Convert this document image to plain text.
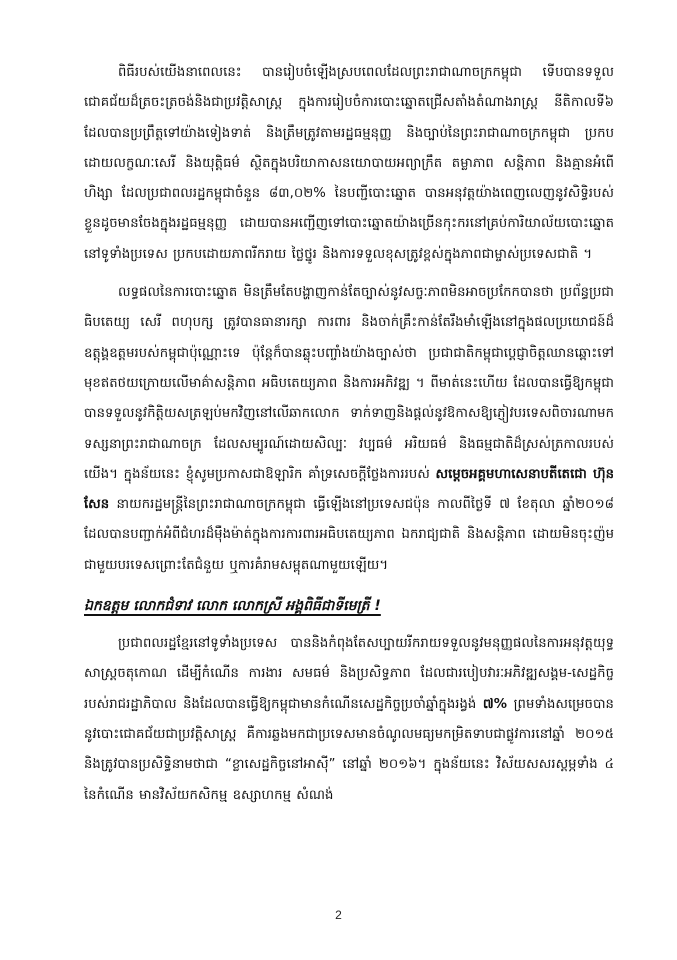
ពិធីរបស់យើងនាពេលនេះ បានរៀបចំឡើងស្របពេលដែលព្រះរាជាណាចក្រកម្ពុជា ទើបបានទទួលជោគជ័យដ៏ត្រចះត្រចង់និងជាប្រវត្តិសាស្ត្រ ក្នុងការរៀបចំការបោះឆ្នោតជ្រើសតាំងតំណាងរាស្ត្រ នីតិកាលទី៦ ដែលបានប្រព្រឹត្តទៅយ៉ាងទៀងទាត់ និងត្រឹមត្រូវតាមរដ្ឋធម្មនុញ្ញ និងច្បាប់នៃព្រះរាជាណាចក្រកម្ពុជា ប្រកបដោយលក្ខណៈសេរី និងយុត្តិធម៌ ស្ថិតក្នុងបរិយាកាសនយោបាយអព្យាក្រឹត តម្លាភាព សន្តិភាព និងគ្មានអំពើហិង្សា ដែលប្រជាពលរដ្ឋកម្ពុជាចំនួន ៨៣,០២% នៃបញ្ជីបោះឆ្នោត បានអនុវត្តយ៉ាងពេញលេញនូវសិទ្ធិរបស់ខ្លួនដូចមានចែងក្នុងរដ្ឋធម្មនុញ្ញ ដោយបានអញ្ជើញទៅបោះឆ្នោតយ៉ាងច្រើនកុះករនៅគ្រប់ការិយាល័យបោះឆ្នោតនៅទូទាំងប្រទេស ប្រកបដោយភាពរីករាយ ថ្លៃថ្នូរ និងការទទួលខុសត្រូវខ្ពស់ក្នុងភាពជាម្ចាស់ប្រទេសជាតិ ។

លទ្ធផលនៃការបោះឆ្នោត មិនត្រឹមតែបង្ហាញកាន់តែច្បាស់នូវសច្ចៈភាពមិនអាចប្រកែកបានថា ប្រព័ន្ធប្រជាធិបតេយ្យ សេរី ពហុបក្ស ត្រូវបានធានារក្សា ការពារ និងចាក់គ្រឹះកាន់តែរឹងមាំឡើងនៅក្នុងផលប្រយោជន៍ដ៏ឧត្តុង្គឧត្តមរបស់កម្ពុជាប៉ុណ្ណោះទេ ប៉ុន្តែក៏បានឆ្លុះបញ្ចាំងយ៉ាងច្បាស់ថា ប្រជាជាតិកម្ពុជាបេ្ដជ្ញាចិត្តឈានឆ្ពោះទៅមុខឥតថយក្រោយលើមាគ៌ាសន្តិភាព អធិបតេយ្យភាព និងការអភិវឌ្ឍ ។ ពីមាត់នេះហើយ ដែលបានធ្វើឱ្យកម្ពុជាបានទទួលនូវកិត្តិយសត្រឡប់មកវិញនៅលើឆាកលោក ទាក់ទាញនិងផ្តល់នូវឱកាសឱ្យភ្ញៀវបរទេសពិចារណាមកទស្សនាព្រះរាជាណាចក្រ ដែលសម្បូរណ៍ដោយសិល្បៈ វប្បធម៌ អរិយធម៌ និងធម្មជាតិដ៏ស្រស់ត្រកាលរបស់យើង។ ក្នុងន័យនេះ ខ្ញុំសូមប្រកាសជាឱឡារិក គាំទ្រសេចក្តីថ្លែងការរបស់ សម្តេចអគ្គមហាសេនាបតីតេជោ ហ៊ុន សែន នាយករដ្ឋមន្ត្រីនៃព្រះរាជាណាចក្រកម្ពុជា ធ្វើឡើងនៅប្រទេសជប៉ុន កាលពីថ្ងៃទី ៧ ខែតុលា ឆ្នាំ២០១៨ ដែលបានបញ្ជាក់អំពីជំហរដ៏មុឺងម៉ាត់ក្នុងការការពារអធិបតេយ្យភាព ឯករាជ្យជាតិ និងសន្តិភាព ដោយមិនចុះញ៉មជាមួយបរទេសព្រោះតែជំនួយ ឬការគំរាមសម្ពុតណាមួយឡើយ។

ឯកឧត្តម លោកជំទាវ លោក លោកស្រី អង្គពិធីជាទីមេត្រី !

ប្រជាពលរដ្ឋខ្មែរនៅទូទាំងប្រទេស បាននិងកំពុងតែសប្បាយរីករាយទទួលនូវមនុញ្ញផលនៃការអនុវត្តយុទ្ធសាស្ត្រចតុកោណ ដើម្បីកំណើន ការងារ សមធម៌ និងប្រសិទ្ធភាព ដែលជារបៀបវារៈអភិវឌ្ឍសង្គម-សេដ្ឋកិច្ចរបស់រាជរដ្ឋាភិបាល និងដែលបានធ្វើឱ្យកម្ពុជាមានកំណើនសេដ្ឋកិច្ចប្រចាំឆ្នាំក្នុងរង្វង់ ៧% ព្រមទាំងសម្រេចបាននូវបោះជោគជ័យជាប្រវត្តិសាស្ត្រ គឺការឆ្លងមកជាប្រទេសមានចំណូលមធ្យមកម្រិតទាបជាផ្លូវការនៅឆ្នាំ ២០១៥ និងត្រូវបានប្រសិទ្ធិនាមថាជា “ខ្លាសេដ្ឋកិច្ចនៅអាស៊ី” នៅឆ្នាំ ២០១៦។ ក្នុងន័យនេះ វិស័យសសរស្តម្ភទាំង ៤ នៃកំណើន មានវិស័យកសិកម្ម ឧស្សាហកម្ម សំណង់

2
